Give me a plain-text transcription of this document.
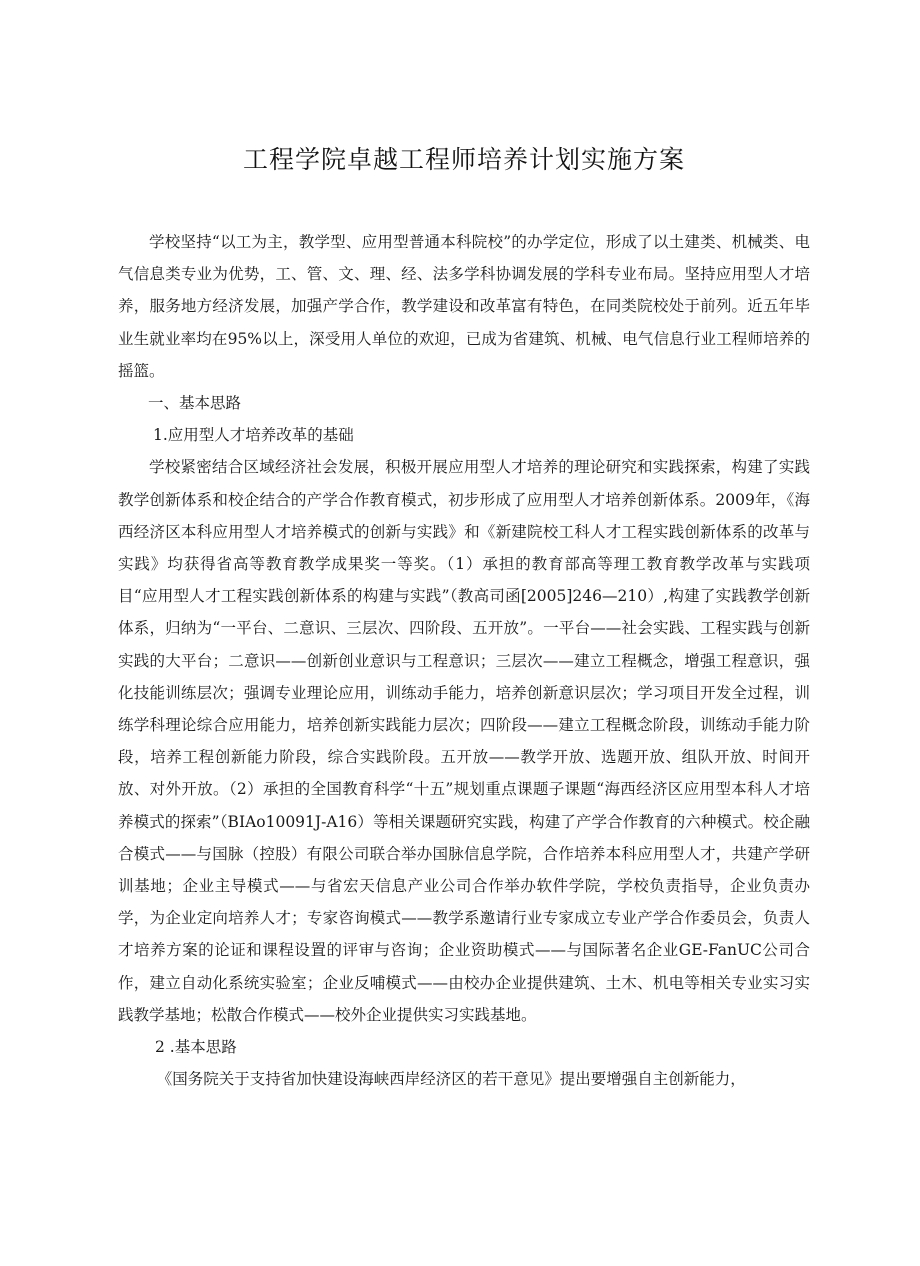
工程学院卓越工程师培养计划实施方案

学校坚持“以工为主，教学型、应用型普通本科院校”的办学定位，形成了以土建类、机械类、电气信息类专业为优势，工、管、文、理、经、法多学科协调发展的学科专业布局。坚持应用型人才培养，服务地方经济发展，加强产学合作，教学建设和改革富有特色，在同类院校处于前列。近五年毕业生就业率均在95%以上，深受用人单位的欢迎，已成为省建筑、机械、电气信息行业工程师培养的摇篮。

一、基本思路

1.应用型人才培养改革的基础

学校紧密结合区域经济社会发展，积极开展应用型人才培养的理论研究和实践探索，构建了实践教学创新体系和校企结合的产学合作教育模式，初步形成了应用型人才培养创新体系。2009年，《海西经济区本科应用型人才培养模式的创新与实践》和《新建院校工科人才工程实践创新体系的改革与实践》均获得省高等教育教学成果奖一等奖。（1）承担的教育部高等理工教育教学改革与实践项目“应用型人才工程实践创新体系的构建与实践”（教高司函[2005]246—210）,构建了实践教学创新体系，归纳为“一平台、二意识、三层次、四阶段、五开放”。一平台——社会实践、工程实践与创新实践的大平台；二意识——创新创业意识与工程意识；三层次——建立工程概念，增强工程意识，强化技能训练层次；强调专业理论应用，训练动手能力，培养创新意识层次；学习项目开发全过程，训练学科理论综合应用能力，培养创新实践能力层次；四阶段——建立工程概念阶段，训练动手能力阶段，培养工程创新能力阶段，综合实践阶段。五开放——教学开放、选题开放、组队开放、时间开放、对外开放。（2）承担的全国教育科学“十五”规划重点课题子课题“海西经济区应用型本科人才培养模式的探索”（BIAo10091J-A16）等相关课题研究实践，构建了产学合作教育的六种模式。校企融合模式——与国脉（控股）有限公司联合举办国脉信息学院，合作培养本科应用型人才，共建产学研训基地；企业主导模式——与省宏天信息产业公司合作举办软件学院，学校负责指导，企业负责办学，为企业定向培养人才；专家咨询模式——教学系邀请行业专家成立专业产学合作委员会，负责人才培养方案的论证和课程设置的评审与咨询；企业资助模式——与国际著名企业GE-FanUC公司合作，建立自动化系统实验室；企业反哺模式——由校办企业提供建筑、土木、机电等相关专业实习实践教学基地；松散合作模式——校外企业提供实习实践基地。

2 .基本思路

《国务院关于支持省加快建设海峡西岸经济区的若干意见》提出要增强自主创新能力，
